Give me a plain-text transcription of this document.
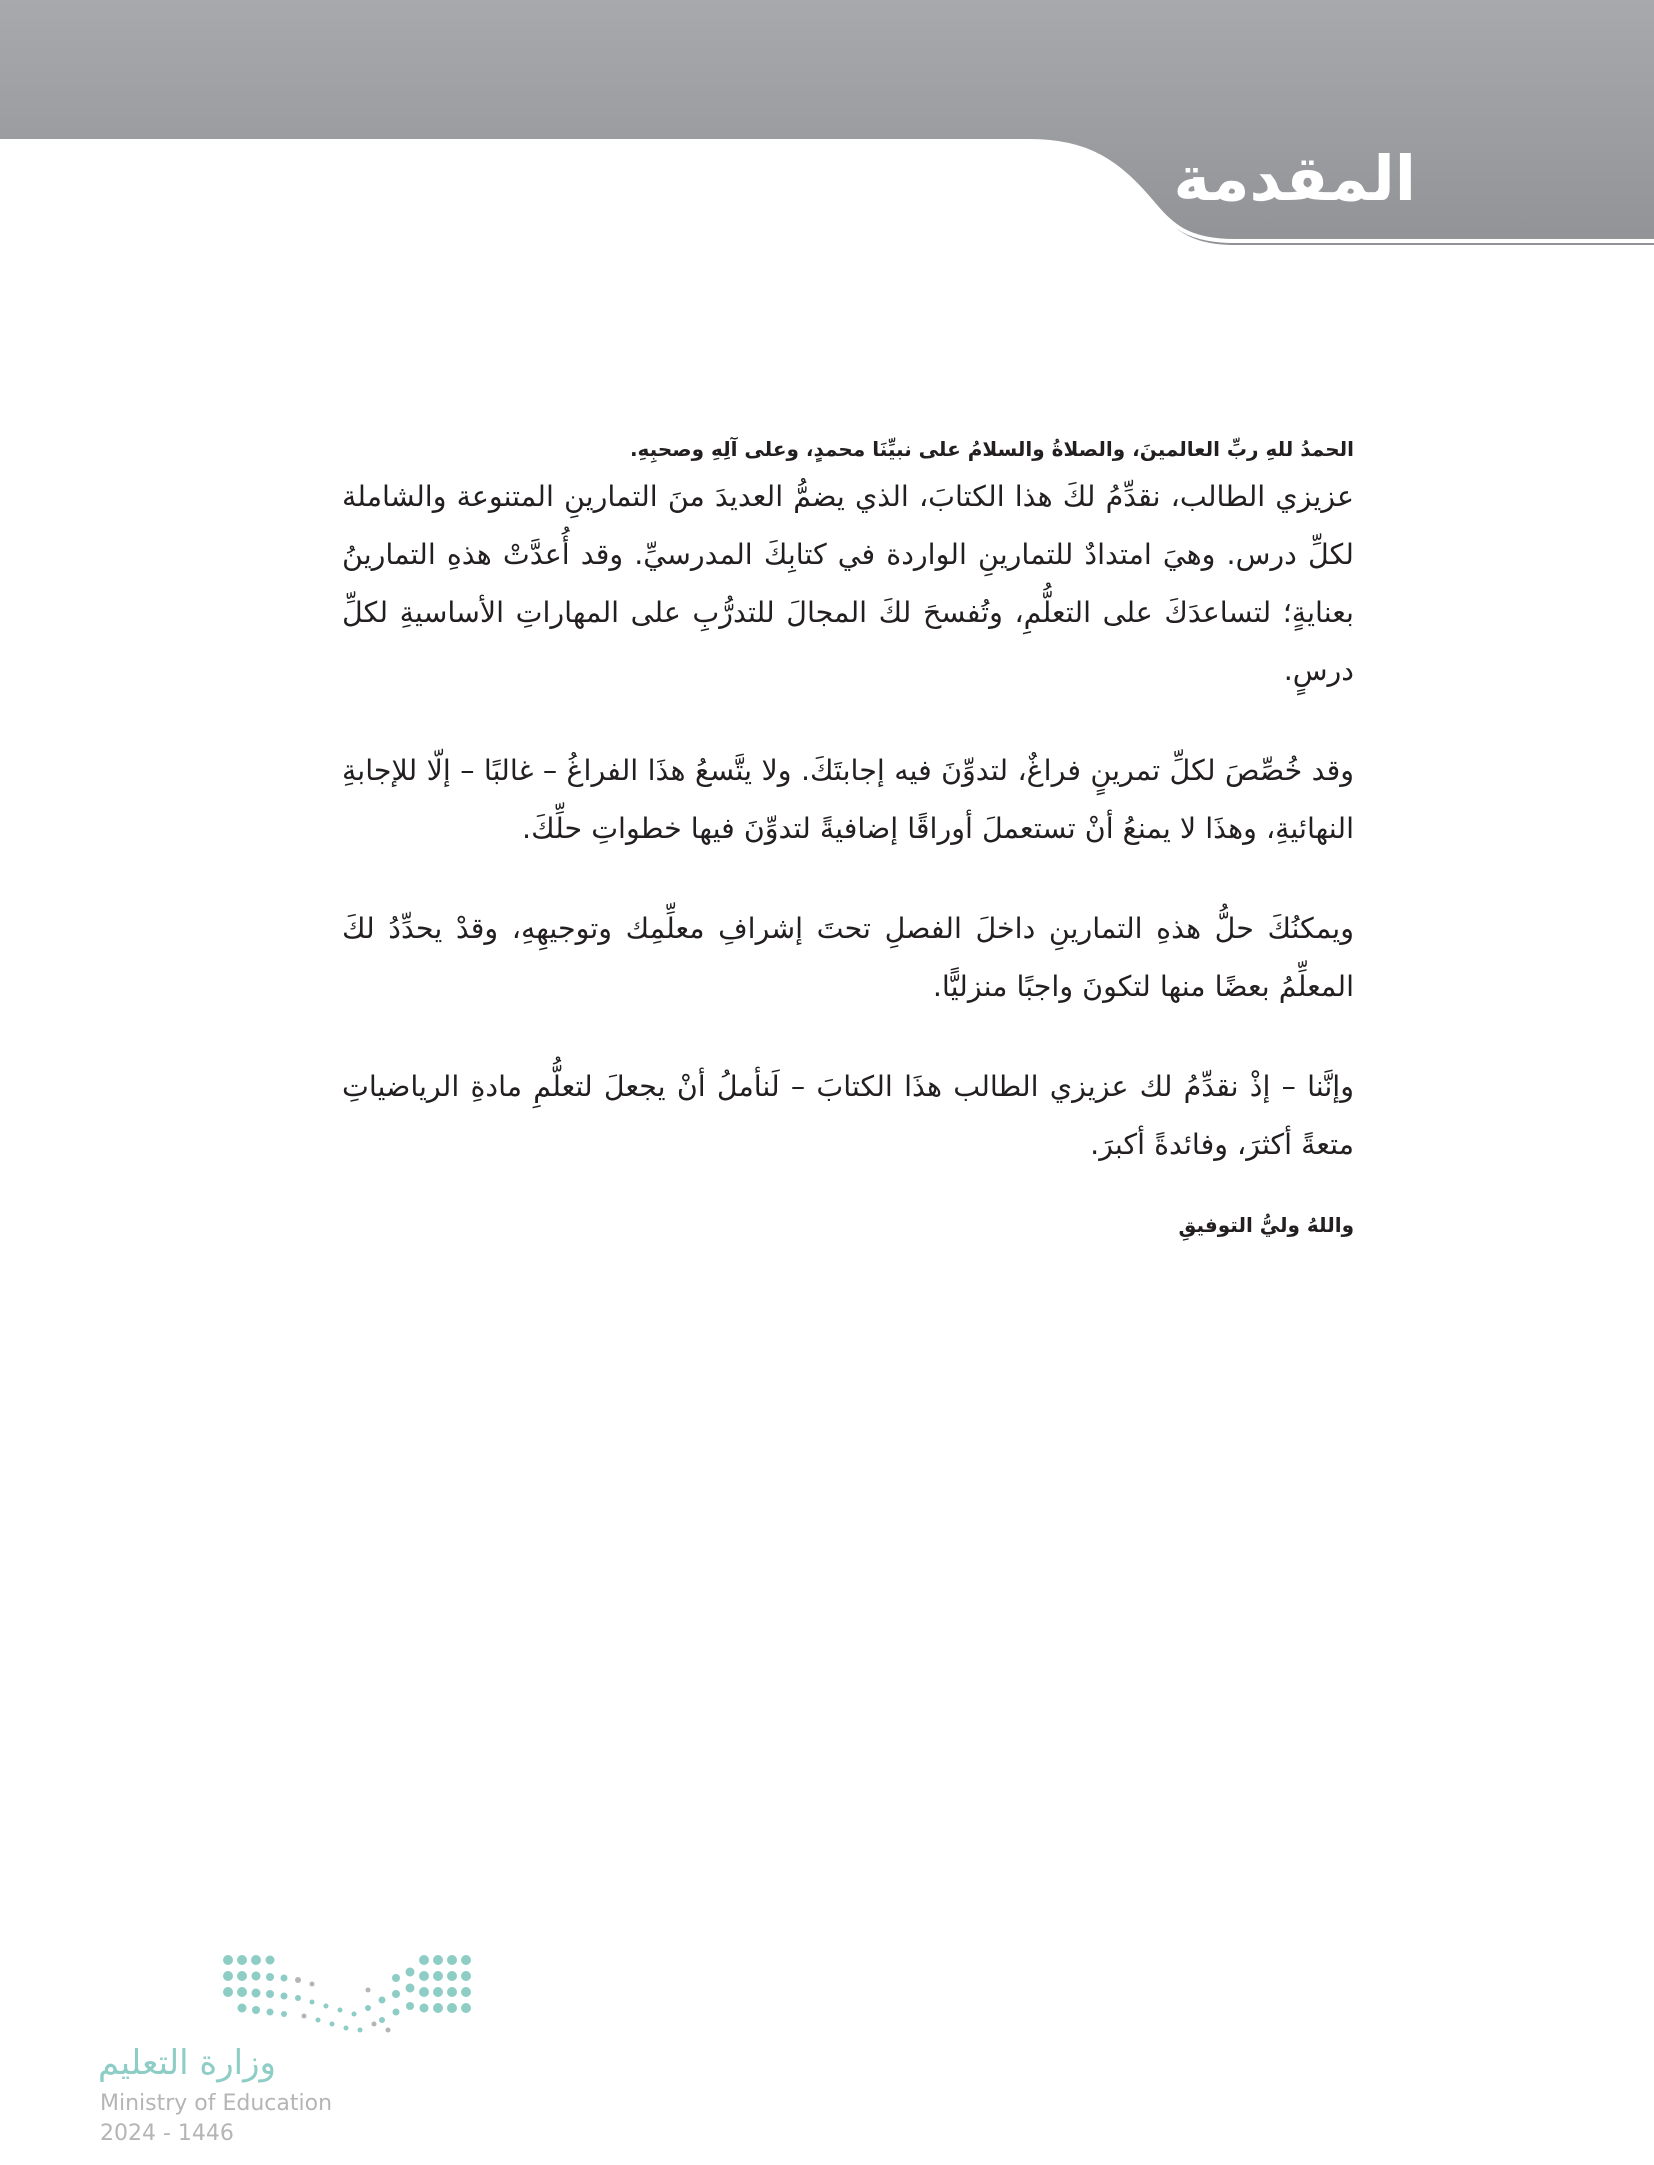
المقدمة

الحمدُ للهِ ربِّ العالمينَ، والصلاةُ والسلامُ على نبيِّنَا محمدٍ، وعلى آلِهِ وصحبِهِ.

عزيزي الطالب، نقدِّمُ لكَ هذا الكتابَ، الذي يضمُّ العديدَ منَ التمارينِ المتنوعة والشاملة لكلِّ درس. وهيَ امتدادٌ للتمارينِ الواردة في كتابِكَ المدرسيِّ. وقد أُعدَّتْ هذهِ التمارينُ بعنايةٍ؛ لتساعدَكَ على التعلُّمِ، وتُفسحَ لكَ المجالَ للتدرُّبِ على المهاراتِ الأساسيةِ لكلِّ درسٍ.

وقد خُصِّصَ لكلِّ تمرينٍ فراغٌ، لتدوِّنَ فيه إجابتَكَ. ولا يتَّسعُ هذَا الفراغُ – غالبًا – إلّا للإجابةِ النهائيةِ، وهذَا لا يمنعُ أنْ تستعملَ أوراقًا إضافيةً لتدوِّنَ فيها خطواتِ حلِّكَ.

ويمكنُكَ حلُّ هذهِ التمارينِ داخلَ الفصلِ تحتَ إشرافِ معلِّمِك وتوجيهِهِ، وقدْ يحدِّدُ لكَ المعلِّمُ بعضًا منها لتكونَ واجبًا منزليًّا.

وإنَّنا – إذْ نقدِّمُ لك عزيزي الطالب هذَا الكتابَ – لَنأملُ أنْ يجعلَ لتعلُّمِ مادةِ الرياضياتِ متعةً أكثرَ، وفائدةً أكبرَ.

واللهُ وليُّ التوفيقِ

وزارة التعليم
Ministry of Education
2024 - 1446
